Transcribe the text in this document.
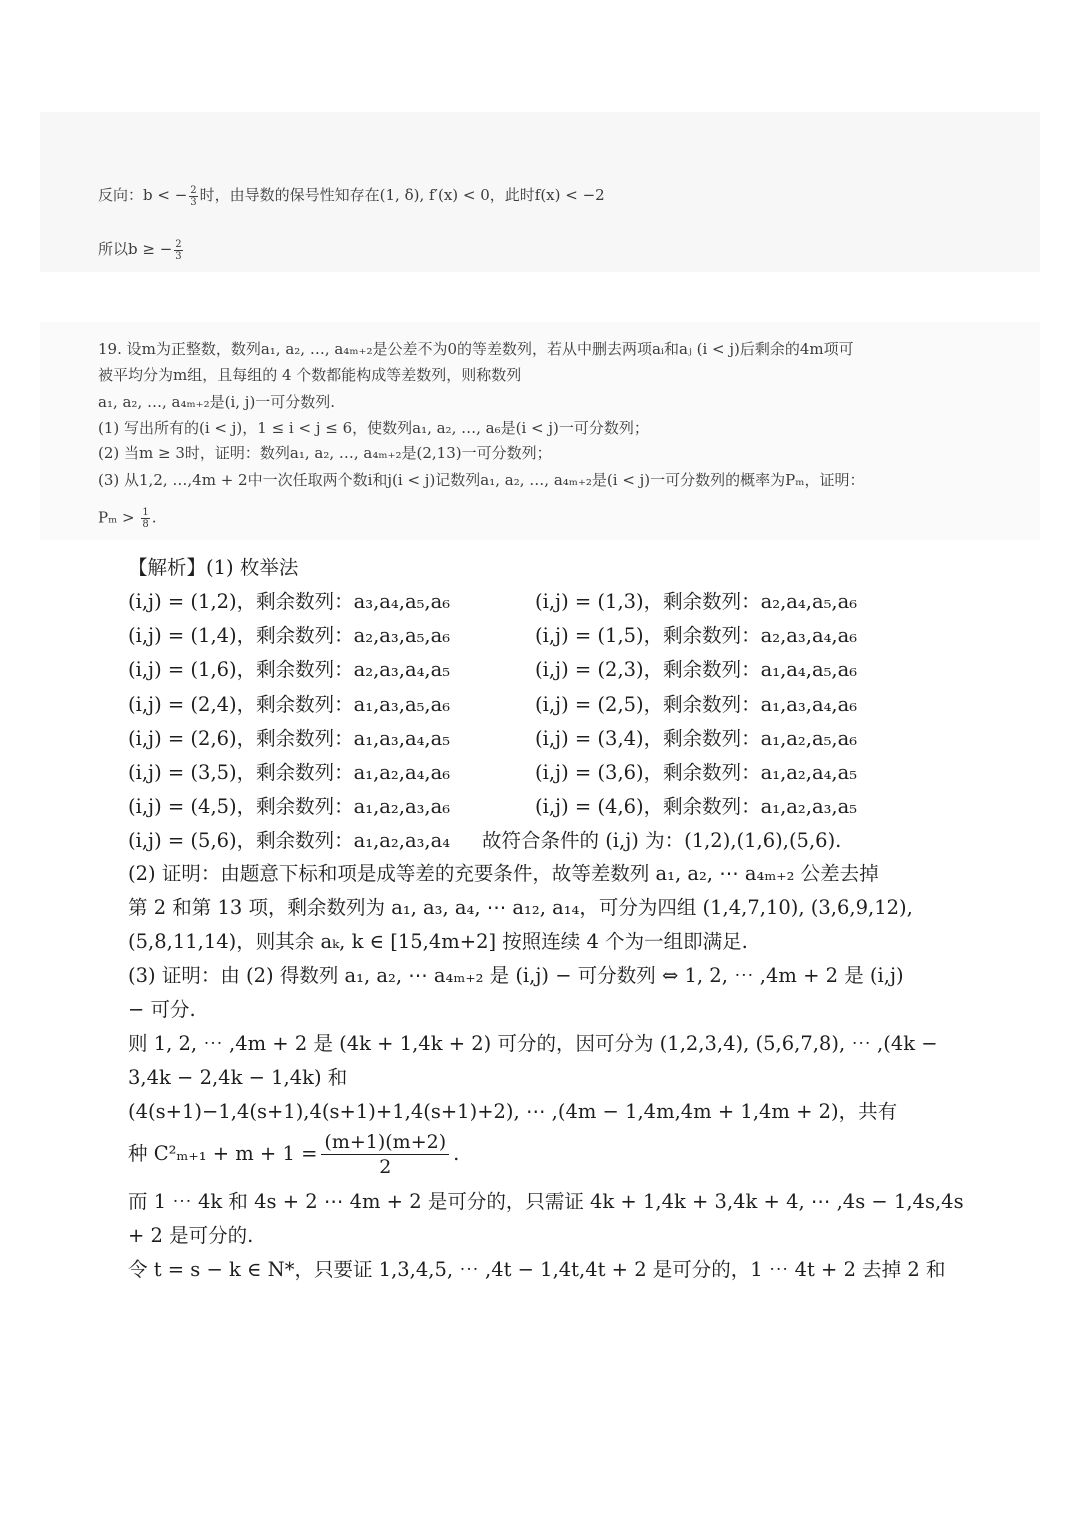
反向：b < − $\frac{2}{3}$ 时，由导数的保号性知存在(1, δ), f′(x) < 0，此时f(x) < −2
所以b ≥ − $\frac{2}{3}$
19. 设m为正整数，数列a₁, a₂, …, a₄ₘ₊₂是公差不为0的等差数列，若从中删去两项aᵢ和aⱼ (i < j)后剩余的4m项可
被平均分为m组，且每组的 4 个数都能构成等差数列，则称数列
a₁, a₂, …, a₄ₘ₊₂是(i, j)一可分数列.
(1) 写出所有的(i < j)，1 ≤ i < j ≤ 6，使数列a₁, a₂, …, a₆是(i < j)一可分数列；
(2) 当m ≥ 3时，证明：数列a₁, a₂, …, a₄ₘ₊₂是(2,13)一可分数列；
(3) 从1,2, …,4m + 2中一次任取两个数i和j(i < j)记数列a₁, a₂, …, a₄ₘ₊₂是(i < j)一可分数列的概率为Pₘ，证明：
$P_m > \frac{1}{8}$ .
【解析】(1) 枚举法
(i,j) = (1,2)，剩余数列：a₃,a₄,a₅,a₆	(i,j) = (1,3)，剩余数列：a₂,a₄,a₅,a₆
(i,j) = (1,4)，剩余数列：a₂,a₃,a₅,a₆	(i,j) = (1,5)，剩余数列：a₂,a₃,a₄,a₆
(i,j) = (1,6)，剩余数列：a₂,a₃,a₄,a₅	(i,j) = (2,3)，剩余数列：a₁,a₄,a₅,a₆
(i,j) = (2,4)，剩余数列：a₁,a₃,a₅,a₆	(i,j) = (2,5)，剩余数列：a₁,a₃,a₄,a₆
(i,j) = (2,6)，剩余数列：a₁,a₃,a₄,a₅	(i,j) = (3,4)，剩余数列：a₁,a₂,a₅,a₆
(i,j) = (3,5)，剩余数列：a₁,a₂,a₄,a₆	(i,j) = (3,6)，剩余数列：a₁,a₂,a₄,a₅
(i,j) = (4,5)，剩余数列：a₁,a₂,a₃,a₆	(i,j) = (4,6)，剩余数列：a₁,a₂,a₃,a₅
(i,j) = (5,6)，剩余数列：a₁,a₂,a₃,a₄ 故符合条件的 (i,j) 为：(1,2),(1,6),(5,6).
(2) 证明：由题意下标和项是成等差的充要条件，故等差数列 a₁, a₂, ⋯ a₄ₘ₊₂ 公差去掉
第 2 和第 13 项，剩余数列为 a₁, a₃, a₄, ⋯ a₁₂, a₁₄，可分为四组 (1,4,7,10), (3,6,9,12),
(5,8,11,14)，则其余 aₖ, k ∈ [15,4m+2] 按照连续 4 个为一组即满足.
(3) 证明：由 (2) 得数列 a₁, a₂, ⋯ a₄ₘ₊₂ 是 (i,j) − 可分数列 ⇔ 1, 2, ⋯ ,4m + 2 是 (i,j)
− 可分.
则 1, 2, ⋯ ,4m + 2 是 (4k + 1,4k + 2) 可分的，因可分为 (1,2,3,4), (5,6,7,8), ⋯ ,(4k −
3,4k − 2,4k − 1,4k) 和
(4(s+1)−1,4(s+1),4(s+1)+1,4(s+1)+2), ⋯ ,(4m − 1,4m,4m + 1,4m + 2)，共有
种 $C^2_{m+1} + m + 1 = \frac{(m+1)(m+2)}{2}$ .
而 1 ⋯ 4k 和 4s + 2 ⋯ 4m + 2 是可分的，只需证 4k + 1,4k + 3,4k + 4, ⋯ ,4s − 1,4s,4s
+ 2 是可分的.
令 t = s − k ∈ N*，只要证 1,3,4,5, ⋯ ,4t − 1,4t,4t + 2 是可分的，1 ⋯ 4t + 2 去掉 2 和
